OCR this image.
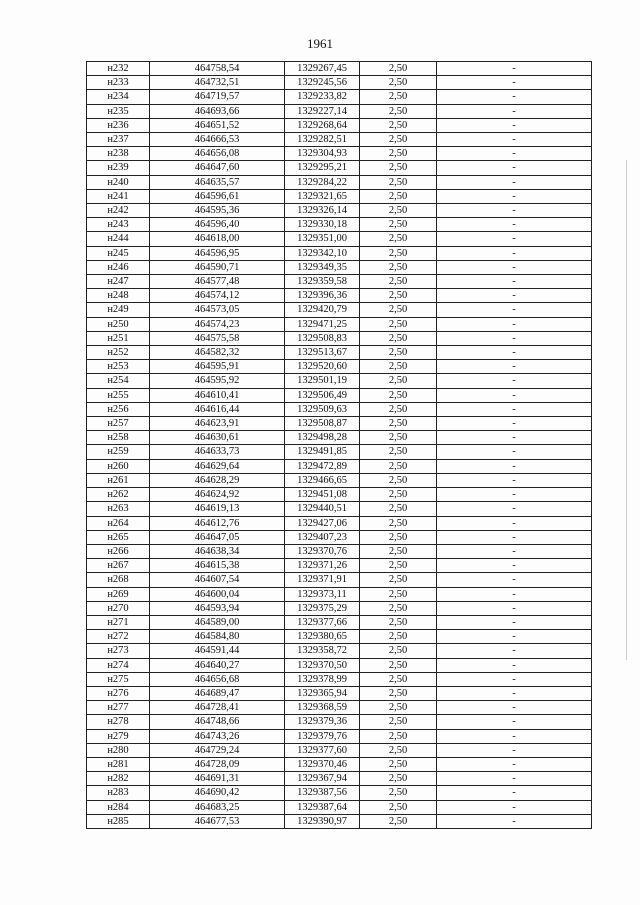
1961
н232	464758,54	1329267,45	2,50	-
н233	464732,51	1329245,56	2,50	-
н234	464719,57	1329233,82	2,50	-
н235	464693,66	1329227,14	2,50	-
н236	464651,52	1329268,64	2,50	-
н237	464666,53	1329282,51	2,50	-
н238	464656,08	1329304,93	2,50	-
н239	464647,60	1329295,21	2,50	-
н240	464635,57	1329284,22	2,50	-
н241	464596,61	1329321,65	2,50	-
н242	464595,36	1329326,14	2,50	-
н243	464596,40	1329330,18	2,50	-
н244	464618,00	1329351,00	2,50	-
н245	464596,95	1329342,10	2,50	-
н246	464590,71	1329349,35	2,50	-
н247	464577,48	1329359,58	2,50	-
н248	464574,12	1329396,36	2,50	-
н249	464573,05	1329420,79	2,50	-
н250	464574,23	1329471,25	2,50	-
н251	464575,58	1329508,83	2,50	-
н252	464582,32	1329513,67	2,50	-
н253	464595,91	1329520,60	2,50	-
н254	464595,92	1329501,19	2,50	-
н255	464610,41	1329506,49	2,50	-
н256	464616,44	1329509,63	2,50	-
н257	464623,91	1329508,87	2,50	-
н258	464630,61	1329498,28	2,50	-
н259	464633,73	1329491,85	2,50	-
н260	464629,64	1329472,89	2,50	-
н261	464628,29	1329466,65	2,50	-
н262	464624,92	1329451,08	2,50	-
н263	464619,13	1329440,51	2,50	-
н264	464612,76	1329427,06	2,50	-
н265	464647,05	1329407,23	2,50	-
н266	464638,34	1329370,76	2,50	-
н267	464615,38	1329371,26	2,50	-
н268	464607,54	1329371,91	2,50	-
н269	464600,04	1329373,11	2,50	-
н270	464593,94	1329375,29	2,50	-
н271	464589,00	1329377,66	2,50	-
н272	464584,80	1329380,65	2,50	-
н273	464591,44	1329358,72	2,50	-
н274	464640,27	1329370,50	2,50	-
н275	464656,68	1329378,99	2,50	-
н276	464689,47	1329365,94	2,50	-
н277	464728,41	1329368,59	2,50	-
н278	464748,66	1329379,36	2,50	-
н279	464743,26	1329379,76	2,50	-
н280	464729,24	1329377,60	2,50	-
н281	464728,09	1329370,46	2,50	-
н282	464691,31	1329367,94	2,50	-
н283	464690,42	1329387,56	2,50	-
н284	464683,25	1329387,64	2,50	-
н285	464677,53	1329390,97	2,50	-
